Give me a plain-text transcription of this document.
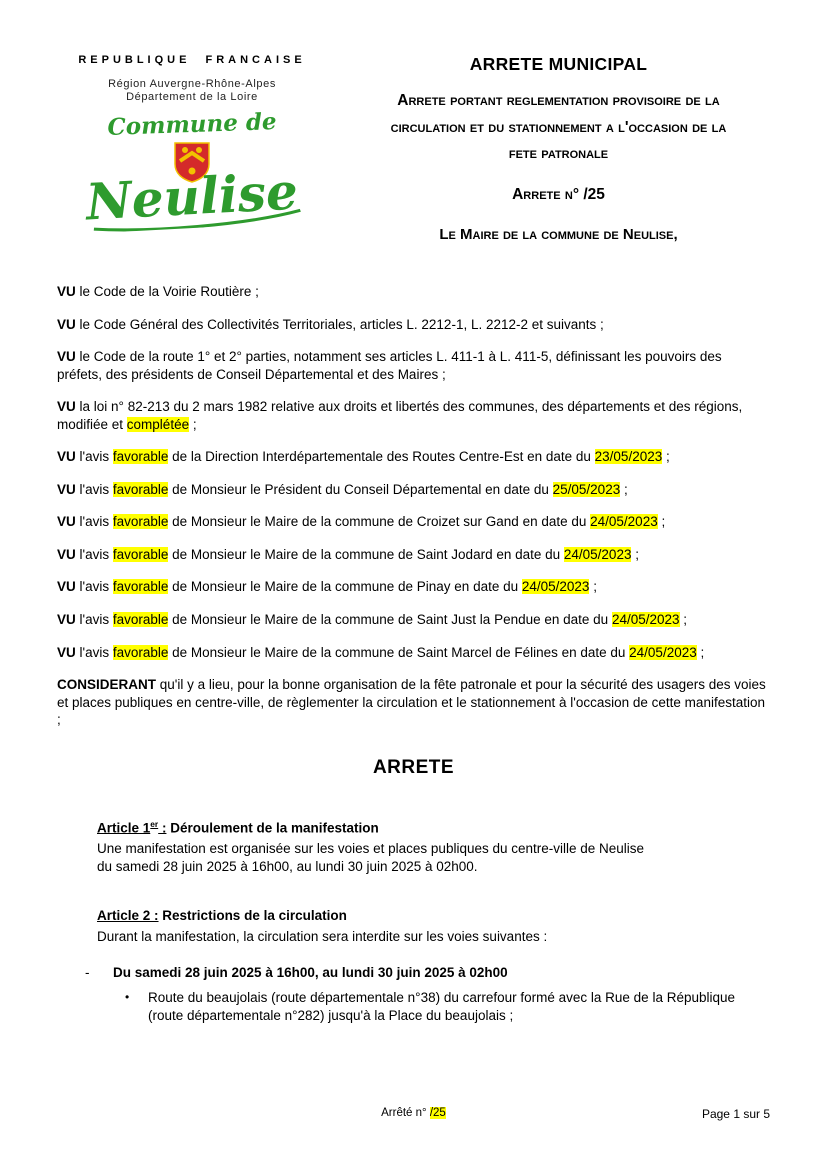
REPUBLIQUE FRANCAISE
Région Auvergne-Rhône-Alpes
Département de la Loire
Commune de
Neulise
ARRETE MUNICIPAL
Arrete portant reglementation provisoire de la
circulation et du stationnement a l'occasion de la
fete patronale
Arrete n° /25
Le Maire de la commune de Neulise,

VU le Code de la Voirie Routière ;

VU le Code Général des Collectivités Territoriales, articles L. 2212-1, L. 2212-2 et suivants ;

VU le Code de la route 1° et 2° parties, notamment ses articles L. 411-1 à L. 411-5, définissant les pouvoirs des préfets, des présidents de Conseil Départemental et des Maires ;

VU la loi n° 82-213 du 2 mars 1982 relative aux droits et libertés des communes, des départements et des régions, modifiée et complétée ;

VU l'avis favorable de la Direction Interdépartementale des Routes Centre-Est en date du 23/05/2023 ;

VU l'avis favorable de Monsieur le Président du Conseil Départemental en date du 25/05/2023 ;

VU l'avis favorable de Monsieur le Maire de la commune de Croizet sur Gand en date du 24/05/2023 ;

VU l'avis favorable de Monsieur le Maire de la commune de Saint Jodard en date du 24/05/2023 ;

VU l'avis favorable de Monsieur le Maire de la commune de Pinay en date du 24/05/2023 ;

VU l'avis favorable de Monsieur le Maire de la commune de Saint Just la Pendue en date du 24/05/2023 ;

VU l'avis favorable de Monsieur le Maire de la commune de Saint Marcel de Félines en date du 24/05/2023 ;

CONSIDERANT qu'il y a lieu, pour la bonne organisation de la fête patronale et pour la sécurité des usagers des voies et places publiques en centre-ville, de règlementer la circulation et le stationnement à l'occasion de cette manifestation ;

ARRETE

Article 1er : Déroulement de la manifestation

Une manifestation est organisée sur les voies et places publiques du centre-ville de Neulise
du samedi 28 juin 2025 à 16h00, au lundi 30 juin 2025 à 02h00.

Article 2 : Restrictions de la circulation

Durant la manifestation, la circulation sera interdite sur les voies suivantes :

-	Du samedi 28 juin 2025 à 16h00, au lundi 30 juin 2025 à 02h00
•	Route du beaujolais (route départementale n°38) du carrefour formé avec la Rue de la République (route départementale n°282) jusqu'à la Place du beaujolais ;
Arrêté n° /25	Page 1 sur 5
